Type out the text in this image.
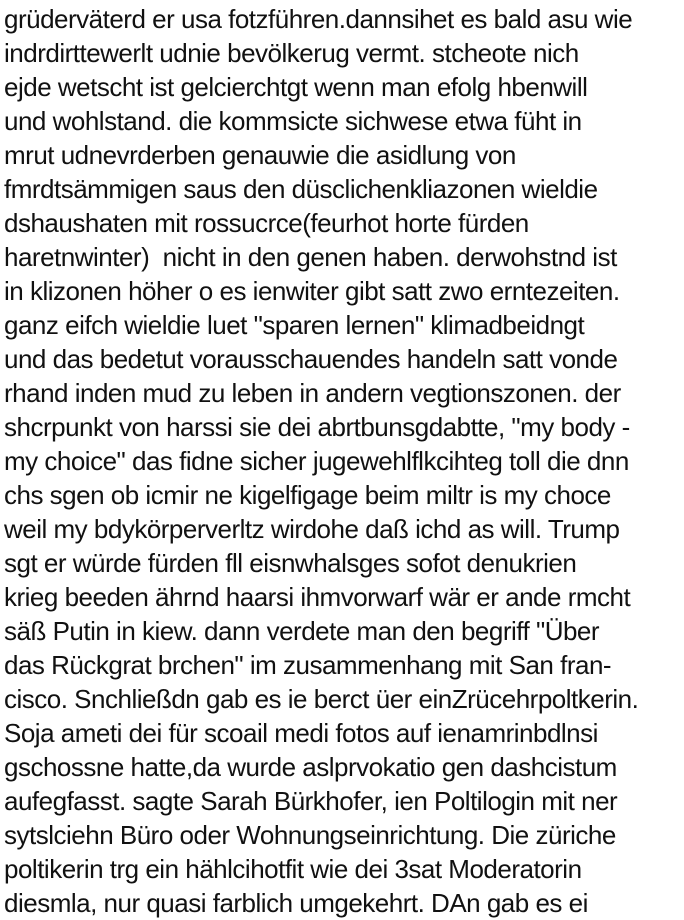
grüderväterd er usa fotzführen.dannsihet es bald asu wie
indrdirttewerlt udnie bevölkerug vermt. stcheote nich
ejde wetscht ist gelcierchtgt wenn man efolg hbenwill
und wohlstand. die kommsicte sichwese etwa füht in
mrut udnevrderben genauwie die asidlung von
fmrdtsämmigen saus den düsclichenkliazonen wieldie
dshaushaten mit rossucrce(feurhot horte fürden
haretnwinter)  nicht in den genen haben. derwohstnd ist
in klizonen höher o es ienwiter gibt satt zwo erntezeiten.
ganz eifch wieldie luet "sparen lernen" klimadbeidngt
und das bedetut vorausschauendes handeln satt vonde
rhand inden mud zu leben in andern vegtionszonen. der
shcrpunkt von harssi sie dei abrtbunsgdabtte, "my body -
my choice" das fidne sicher jugewehlflkcihteg toll die dnn
chs sgen ob icmir ne kigelfigage beim miltr is my choce
weil my bdykörperverltz wirdohe daß ichd as will. Trump
sgt er würde fürden fll eisnwhalsges sofot denukrien
krieg beeden ährnd haarsi ihmvorwarf wär er ande rmcht
säß Putin in kiew. dann verdete man den begriff "Über
das Rückgrat brchen" im zusammenhang mit San fran-
cisco. Snchließdn gab es ie berct üer einZrücehrpoltkerin.
Soja ameti dei für scoail medi fotos auf ienamrinbdlnsi
gschossne hatte,da wurde aslprvokatio gen dashcistum
aufegfasst. sagte Sarah Bürkhofer, ien Poltilogin mit ner
sytslciehn Büro oder Wohnungseinrichtung. Die züriche
poltikerin trg ein hählcihotfit wie dei 3sat Moderatorin
diesmla, nur quasi farblich umgekehrt. DAn gab es ei
